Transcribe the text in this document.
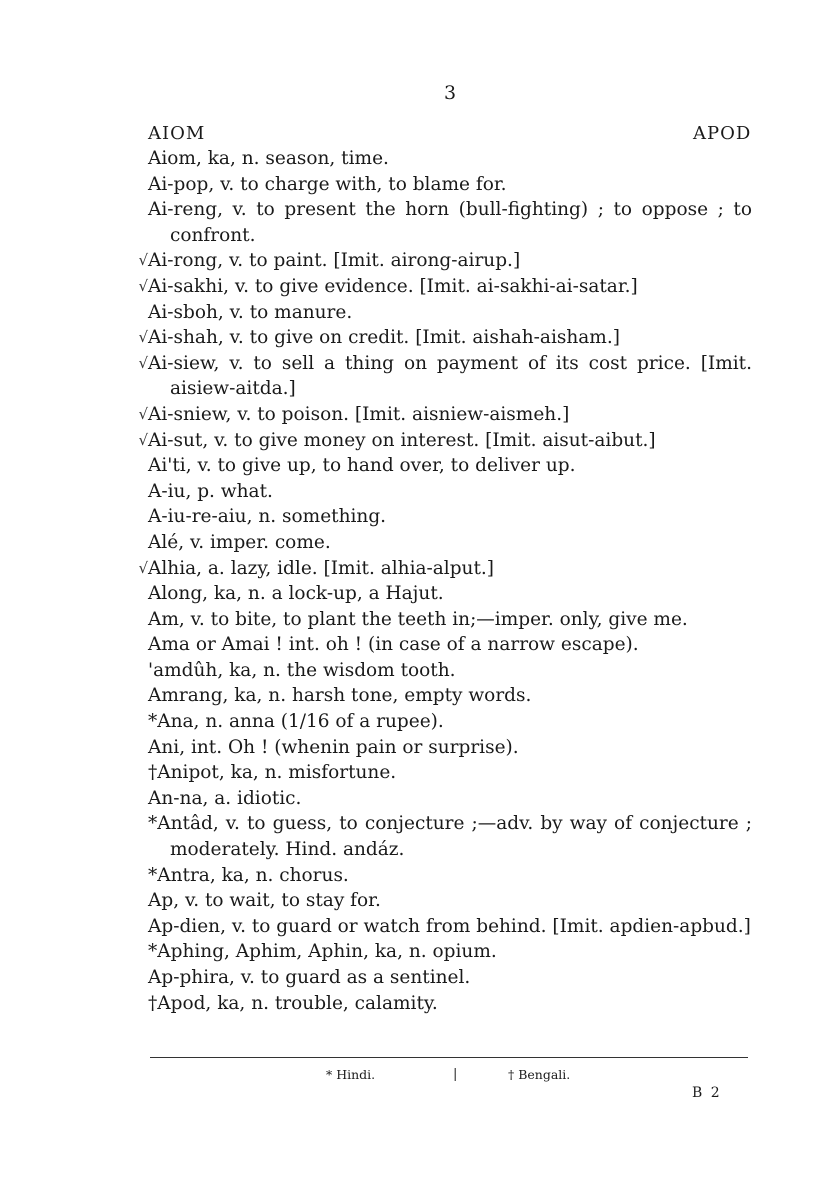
3
AIOM	APOD
Aiom, ka, n. season, time.
Ai-pop, v. to charge with, to blame for.
Ai-reng, v. to present the horn (bull-fighting) ; to oppose ; to confront.
√ Ai-rong, v. to paint. [Imit. airong-airup.]
√ Ai-sakhi, v. to give evidence. [Imit. ai-sakhi-ai-satar.]
Ai-sboh, v. to manure.
√ Ai-shah, v. to give on credit. [Imit. aishah-aisham.]
√ Ai-siew, v. to sell a thing on payment of its cost price. [Imit. aisiew-aitda.]
√ Ai-sniew, v. to poison. [Imit. aisniew-aismeh.]
√ Ai-sut, v. to give money on interest. [Imit. aisut-aibut.]
Ai'ti, v. to give up, to hand over, to deliver up.
A-iu, p. what.
A-iu-re-aiu, n. something.
Alé, v. imper. come.
√ Alhia, a. lazy, idle. [Imit. alhia-alput.]
Along, ka, n. a lock-up, a Hajut.
Am, v. to bite, to plant the teeth in;—imper. only, give me.
Ama or Amai ! int. oh ! (in case of a narrow escape).
'amdûh, ka, n. the wisdom tooth.
Amrang, ka, n. harsh tone, empty words.
*Ana, n. anna (1/16 of a rupee).
Ani, int. Oh ! (whenin pain or surprise).
†Anipot, ka, n. misfortune.
An-na, a. idiotic.
*Antâd, v. to guess, to conjecture ;—adv. by way of conjecture ; moderately. Hind. andáz.
*Antra, ka, n. chorus.
Ap, v. to wait, to stay for.
Ap-dien, v. to guard or watch from behind. [Imit. apdien-apbud.]
*Aphing, Aphim, Aphin, ka, n. opium.
Ap-phira, v. to guard as a sentinel.
†Apod, ka, n. trouble, calamity.
* Hindi.	|	† Bengali.
B 2
